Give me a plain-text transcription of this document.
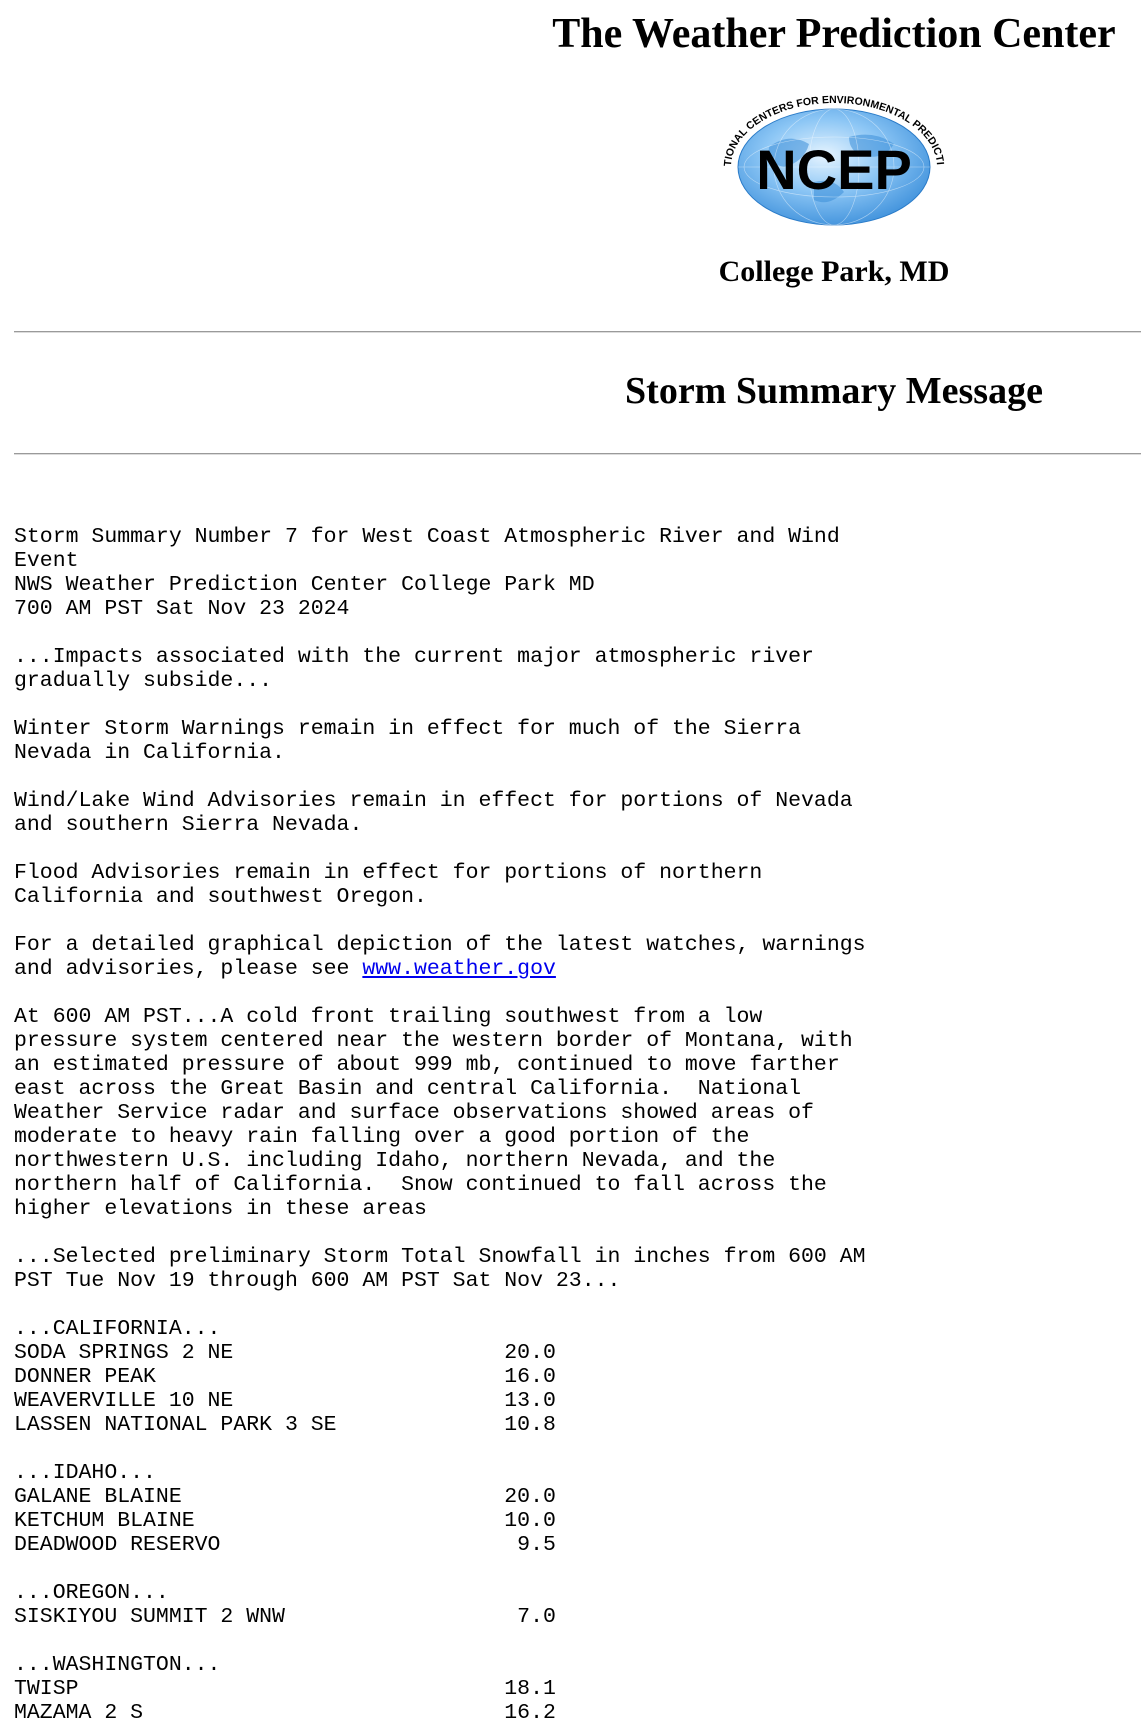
The Weather Prediction Center
NCEP
TIONAL CENTERS FOR ENVIRONMENTAL PREDICTI

College Park, MD

Storm Summary Message
Storm Summary Number 7 for West Coast Atmospheric River and Wind
Event
NWS Weather Prediction Center College Park MD
700 AM PST Sat Nov 23 2024

...Impacts associated with the current major atmospheric river
gradually subside...

Winter Storm Warnings remain in effect for much of the Sierra
Nevada in California.

Wind/Lake Wind Advisories remain in effect for portions of Nevada
and southern Sierra Nevada.

Flood Advisories remain in effect for portions of northern
California and southwest Oregon.

For a detailed graphical depiction of the latest watches, warnings
and advisories, please see www.weather.gov

At 600 AM PST...A cold front trailing southwest from a low
pressure system centered near the western border of Montana, with
an estimated pressure of about 999 mb, continued to move farther
east across the Great Basin and central California.  National
Weather Service radar and surface observations showed areas of
moderate to heavy rain falling over a good portion of the
northwestern U.S. including Idaho, northern Nevada, and the
northern half of California.  Snow continued to fall across the
higher elevations in these areas

...Selected preliminary Storm Total Snowfall in inches from 600 AM
PST Tue Nov 19 through 600 AM PST Sat Nov 23...

...CALIFORNIA...
SODA SPRINGS 2 NE                     20.0
DONNER PEAK                           16.0
WEAVERVILLE 10 NE                     13.0
LASSEN NATIONAL PARK 3 SE             10.8

...IDAHO...
GALANE BLAINE                         20.0
KETCHUM BLAINE                        10.0
DEADWOOD RESERVO                       9.5

...OREGON...
SISKIYOU SUMMIT 2 WNW                  7.0

...WASHINGTON...
TWISP                                 18.1
MAZAMA 2 S                            16.2
